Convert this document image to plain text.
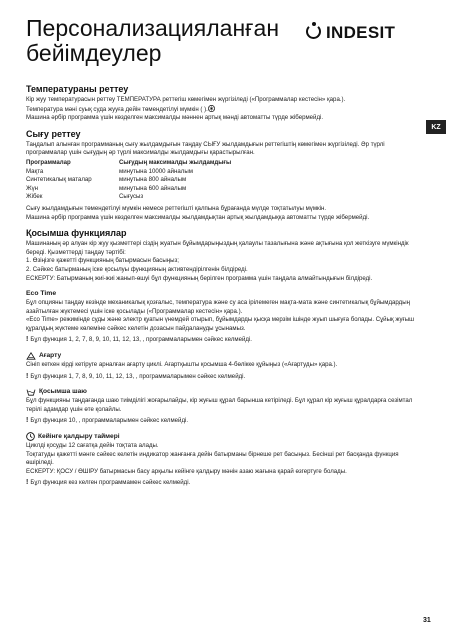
Персонализацияланған
бейімдеулер
INDESIT
KZ
Температураны реттеу

Кір жуу температурасын реттеу ТЕМПЕРАТУРА реттегіш көмегімен жүргізіледі («Программалар кестесін» қара.).

Температура мәні суық суда жууға дейін төмендетілуі мүмкін ( ).

Машина әрбір программа үшін көзделген максималды мәннен артық мәнді автоматты түрде жібермейді.

Сығу реттеу

Таңдалып алынған программаның сығу жылдамдығын таңдау СЫҒУ жылдамдығын реттегіштің көмегімен жүргізіледі. Әр түрлі программалар үшін сығудың әр түрлі максималды жылдамдығы қарастырылған.

Программалар	Сығудың максималды жылдамдығы
Мақта	минутына 10000 айналым
Синтетикалық маталар	минутына 800 айналым
Жүн	минутына 600 айналым
Жібек	Сығусыз

Сығу жылдамдығын төмендетілуі мүмкін немесе реттегішті қалпына бұрағанда мүлде тоқтатылуы мүмкін.

Машина әрбір программа үшін көзделген максималды жылдамдықтан артық жылдамдыққа автоматты түрде жібермейді.

Қосымша функциялар

Машинаның әр алуан кір жуу қызметтері сіздің жуатын бұйымдарыңыздың қалаулы тазалығына және ақтығына қол жеткізуге мүмкіндік береді. Қызметтерді таңдау тәртібі:

1. Өзіңізге қажетті функцияның батырмасын басыңыз;

2. Сәйкес батырманың іске қосылуы функцияның активтендірілгенін білдіреді.

ЕСКЕРТУ: Батырманың жиі-жиі жанып-өшуі бұл функцияның берілген программа үшін таңдала алмайтындығын білдіреді.

Eco Time

Бұл опцияны таңдау кезінде механикалық қозғалыс, температура және су аса ірілемеген мақта-мата және синтетикалық бұйымдардың азайтылған жүктемесі үшін іске қосылады («Программалар кестесін» қара.).

«Eco Time» режимінде суды және электр қуатын үнемдей отырып, бұйымдарды қысқа мерзім ішінде жуып шығуға болады. Сұйық жуғыш құралдың жүктеме көлеміне сәйкес келетін дозасын пайдалануды ұсынамыз.

! Бұл функция 1, 2, 7, 8, 9, 10, 11, 12, 13, , программаларымен сәйкес келмейді.

Ағарту

Сініп кеткен кірді кетіруге арналған ағарту циклі. Ағартқышты қосымша 4-бөлікке құйыңыз («Ағартуды» қара.).

! Бұл функция 1, 7, 8, 9, 10, 11, 12, 13, , программаларымен сәйкес келмейді.

Қосымша шаю

Бұл функцияны таңдағанда шаю тиімділігі жоғарылайды, кір жуғыш құрал барынша кетіріледі. Бұл құрал кір жуғыш құралдарға сезімтал терілі адамдар үшін өте қолайлы.

! Бұл функция 10, , программаларымен сәйкес келмейді.

Кейінге қалдыру таймері

Циклді қосуды 12 сағатқа дейін тоқтата алады.

Тоқтатуды қажетті мәнге сәйкес келетін индикатор жанғанға дейін батырманы бірнеше рет басыңыз. Бесінші рет басқанда функция өшіріледі.

ЕСКЕРТУ: ҚОСУ / ӨШІРУ батырмасын басу арқылы кейінге қалдыру мәнін азаю жағына қарай өзгертуге болады.

! Бұл функция кез келген программамен сәйкес келмейді.

31
